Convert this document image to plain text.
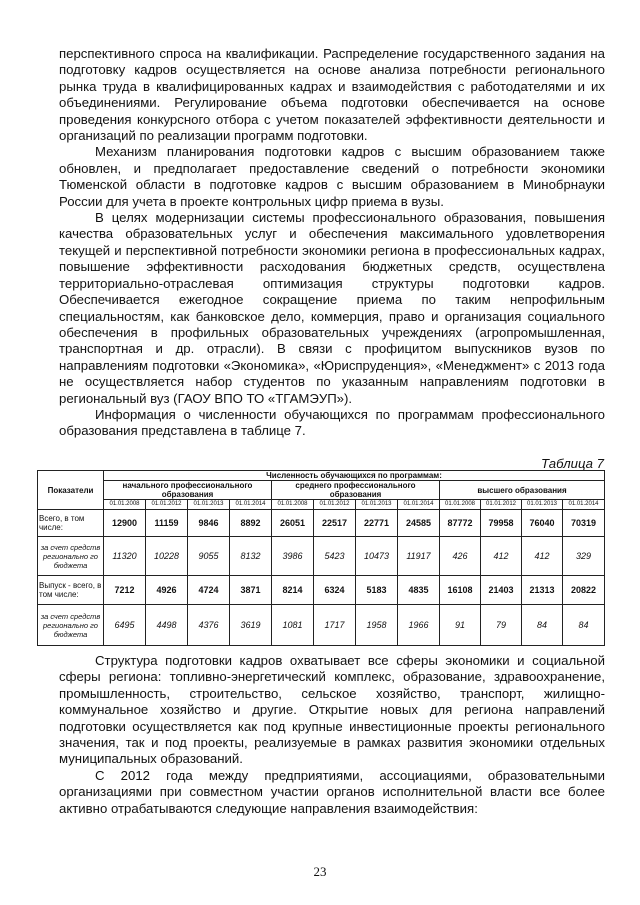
перспективного спроса на квалификации. Распределение государственного задания на подготовку кадров осуществляется на основе анализа потребности регионального рынка труда в квалифицированных кадрах и взаимодействия с работодателями и их объединениями. Регулирование объема подготовки обеспечивается на основе проведения конкурсного отбора с учетом показателей эффективности деятельности и организаций по реализации программ подготовки.

Механизм планирования подготовки кадров с высшим образованием также обновлен, и предполагает предоставление сведений о потребности экономики Тюменской области в подготовке кадров с высшим образованием в Минобрнауки России для учета в проекте контрольных цифр приема в вузы.

В целях модернизации системы профессионального образования, повышения качества образовательных услуг и обеспечения максимального удовлетворения текущей и перспективной потребности экономики региона в профессиональных кадрах, повышение эффективности расходования бюджетных средств, осуществлена территориально-отраслевая оптимизация структуры подготовки кадров. Обеспечивается ежегодное сокращение приема по таким непрофильным специальностям, как банковское дело, коммерция, право и организация социального обеспечения в профильных образовательных учреждениях (агропромышленная, транспортная и др. отрасли). В связи с профицитом выпускников вузов по направлениям подготовки «Экономика», «Юриспруденция», «Менеджмент» с 2013 года не осуществляется набор студентов по указанным направлениям подготовки в региональный вуз (ГАОУ ВПО ТО «ТГАМЭУП»).

Информация о численности обучающихся по программам профессионального образования представлена в таблице 7.

Таблица 7
Показатели	Численность обучающихся по программам:											
	начального профессионального образования				среднего профессионального образования				высшего образования			
	01.01.2008	01.01.2012	01.01.2013	01.01.2014	01.01.2008	01.01.2012	01.01.2013	01.01.2014	01.01.2008	01.01.2012	01.01.2013	01.01.2014
Всего, в том числе:	12900	11159	9846	8892	26051	22517	22771	24585	87772	79958	76040	70319
за счет средств регионально го бюджета	11320	10228	9055	8132	3986	5423	10473	11917	426	412	412	329
Выпуск - всего, в том числе:	7212	4926	4724	3871	8214	6324	5183	4835	16108	21403	21313	20822
за счет средств регионально го бюджета	6495	4498	4376	3619	1081	1717	1958	1966	91	79	84	84

Структура подготовки кадров охватывает все сферы экономики и социальной сферы региона: топливно-энергетический комплекс, образование, здравоохранение, промышленность, строительство, сельское хозяйство, транспорт, жилищно-коммунальное хозяйство и другие. Открытие новых для региона направлений подготовки осуществляется как под крупные инвестиционные проекты регионального значения, так и под проекты, реализуемые в рамках развития экономики отдельных муниципальных образований.

С 2012 года между предприятиями, ассоциациями, образовательными организациями при совместном участии органов исполнительной власти все более активно отрабатываются следующие направления взаимодействия:

23
